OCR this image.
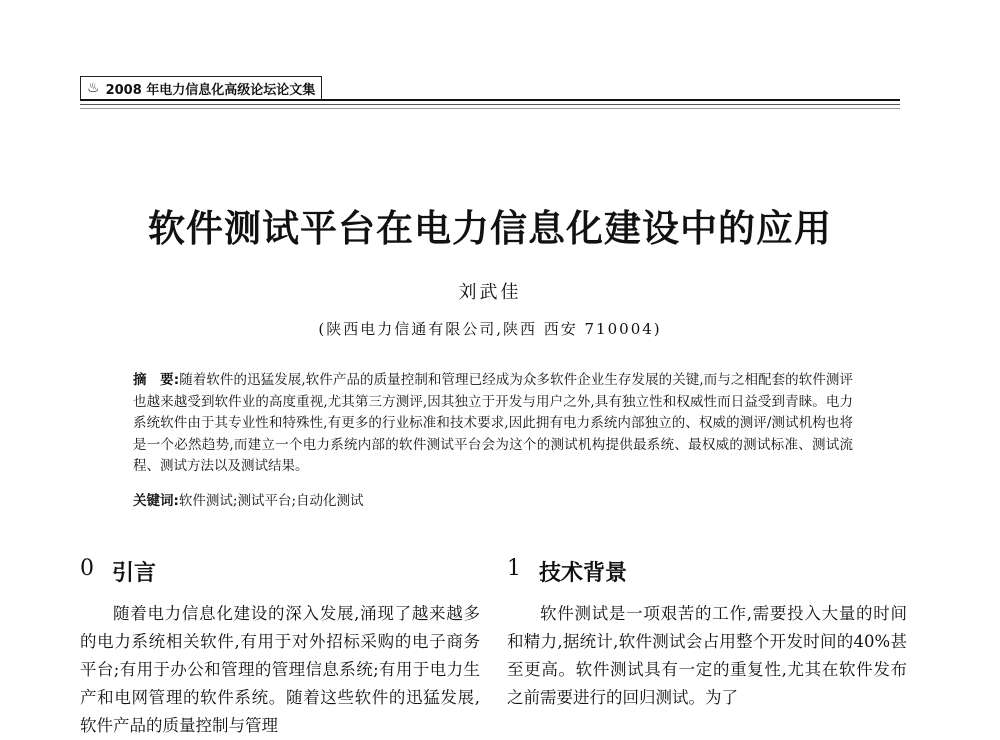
♨ 2008 年电力信息化高级论坛论文集
软件测试平台在电力信息化建设中的应用
刘武佳
(陕西电力信通有限公司,陕西 西安 710004)
摘　要:随着软件的迅猛发展,软件产品的质量控制和管理已经成为众多软件企业生存发展的关键,而与之相配套的软件测评也越来越受到软件业的高度重视,尤其第三方测评,因其独立于开发与用户之外,具有独立性和权威性而日益受到青睐。电力系统软件由于其专业性和特殊性,有更多的行业标准和技术要求,因此拥有电力系统内部独立的、权威的测评/测试机构也将是一个必然趋势,而建立一个电力系统内部的软件测试平台会为这个的测试机构提供最系统、最权威的测试标准、测试流程、测试方法以及测试结果。
关键词:软件测试;测试平台;自动化测试
0 引言

随着电力信息化建设的深入发展,涌现了越来越多的电力系统相关软件,有用于对外招标采购的电子商务平台;有用于办公和管理的管理信息系统;有用于电力生产和电网管理的软件系统。随着这些软件的迅猛发展,软件产品的质量控制与管理

1 技术背景

软件测试是一项艰苦的工作,需要投入大量的时间和精力,据统计,软件测试会占用整个开发时间的40%甚至更高。软件测试具有一定的重复性,尤其在软件发布之前需要进行的回归测试。为了
